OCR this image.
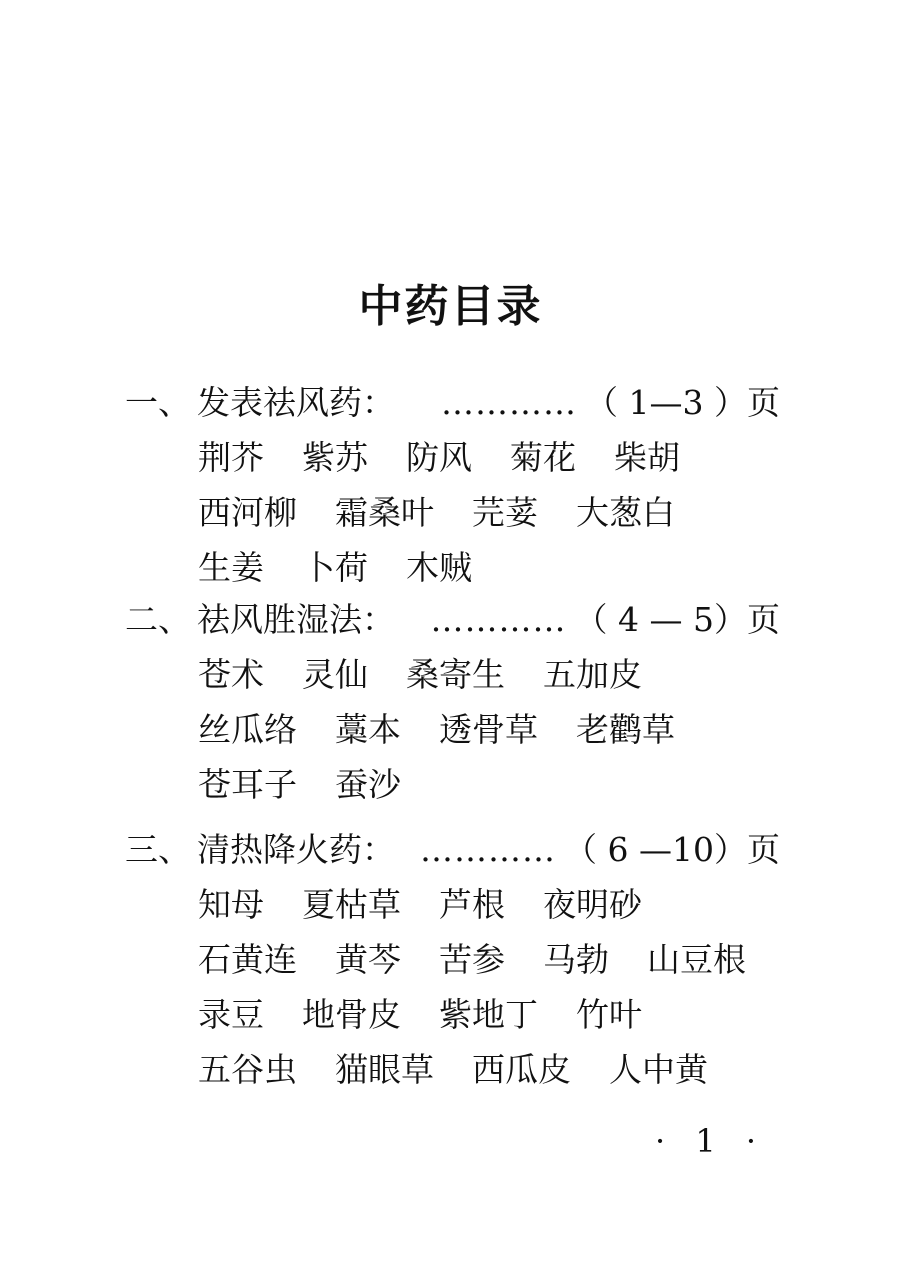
中药目录
一、 发表祛风药：	………… （ 1—3 ）页
荆芥 紫苏 防风 菊花 柴胡
西河柳 霜桑叶 芫荽 大葱白
生姜 卜荷 木贼
二、 祛风胜湿法：	………… （ 4 — 5）页
苍术 灵仙 桑寄生 五加皮
丝瓜络 藁本 透骨草 老鹳草
苍耳子 蚕沙
三、 清热降火药： ………… （ 6 —10）页
知母 夏枯草 芦根 夜明砂
石黄连 黄芩 苦参 马勃 山豆根
录豆 地骨皮 紫地丁 竹叶
五谷虫 猫眼草 西瓜皮 人中黄
· 1 ·
